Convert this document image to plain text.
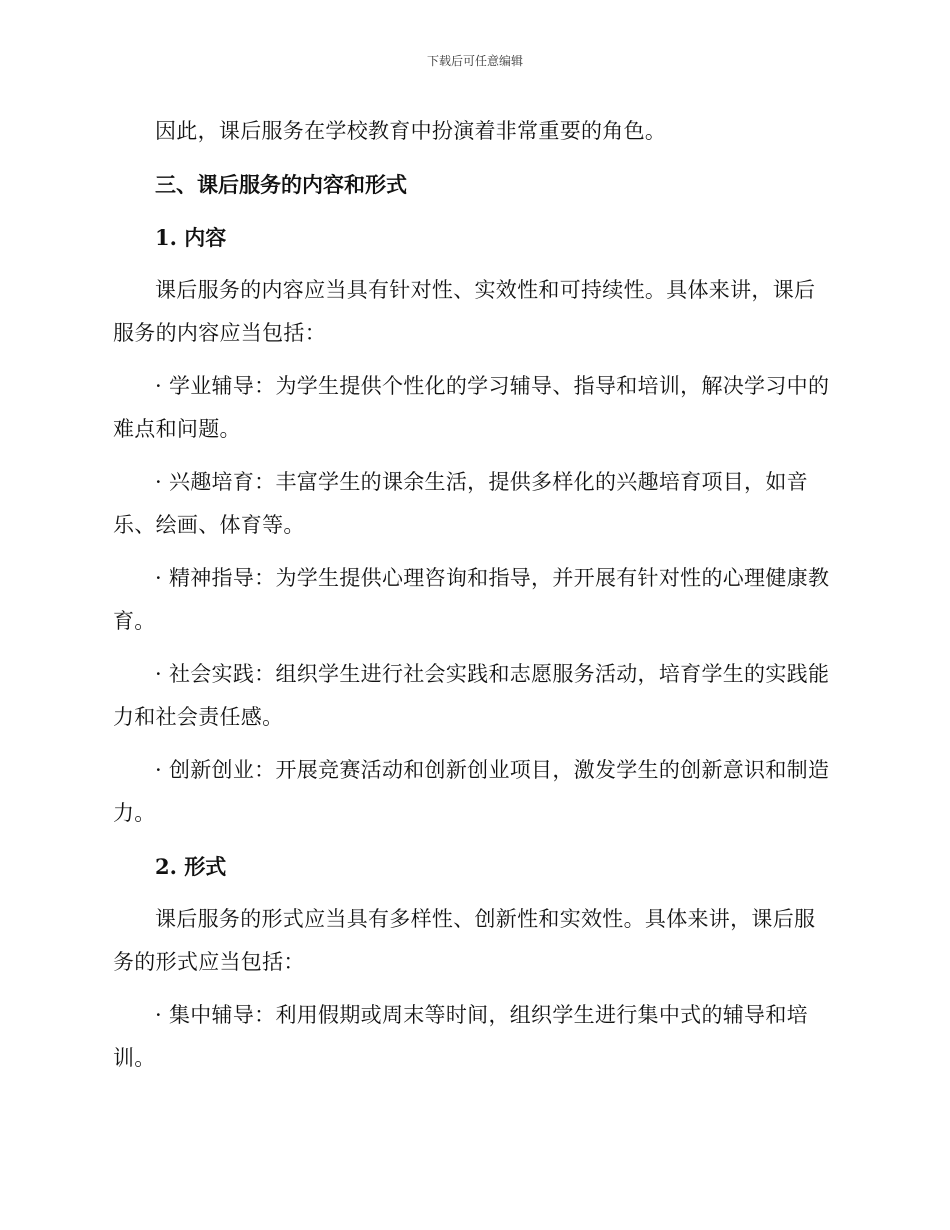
下载后可任意编辑

因此，课后服务在学校教育中扮演着非常重要的角色。

三、课后服务的内容和形式

1. 内容

课后服务的内容应当具有针对性、实效性和可持续性。具体来讲，课后服务的内容应当包括：

· 学业辅导：为学生提供个性化的学习辅导、指导和培训，解决学习中的难点和问题。

· 兴趣培育：丰富学生的课余生活，提供多样化的兴趣培育项目，如音乐、绘画、体育等。

· 精神指导：为学生提供心理咨询和指导，并开展有针对性的心理健康教育。

· 社会实践：组织学生进行社会实践和志愿服务活动，培育学生的实践能力和社会责任感。

· 创新创业：开展竞赛活动和创新创业项目，激发学生的创新意识和制造力。

2. 形式

课后服务的形式应当具有多样性、创新性和实效性。具体来讲，课后服务的形式应当包括：

· 集中辅导：利用假期或周末等时间，组织学生进行集中式的辅导和培训。
